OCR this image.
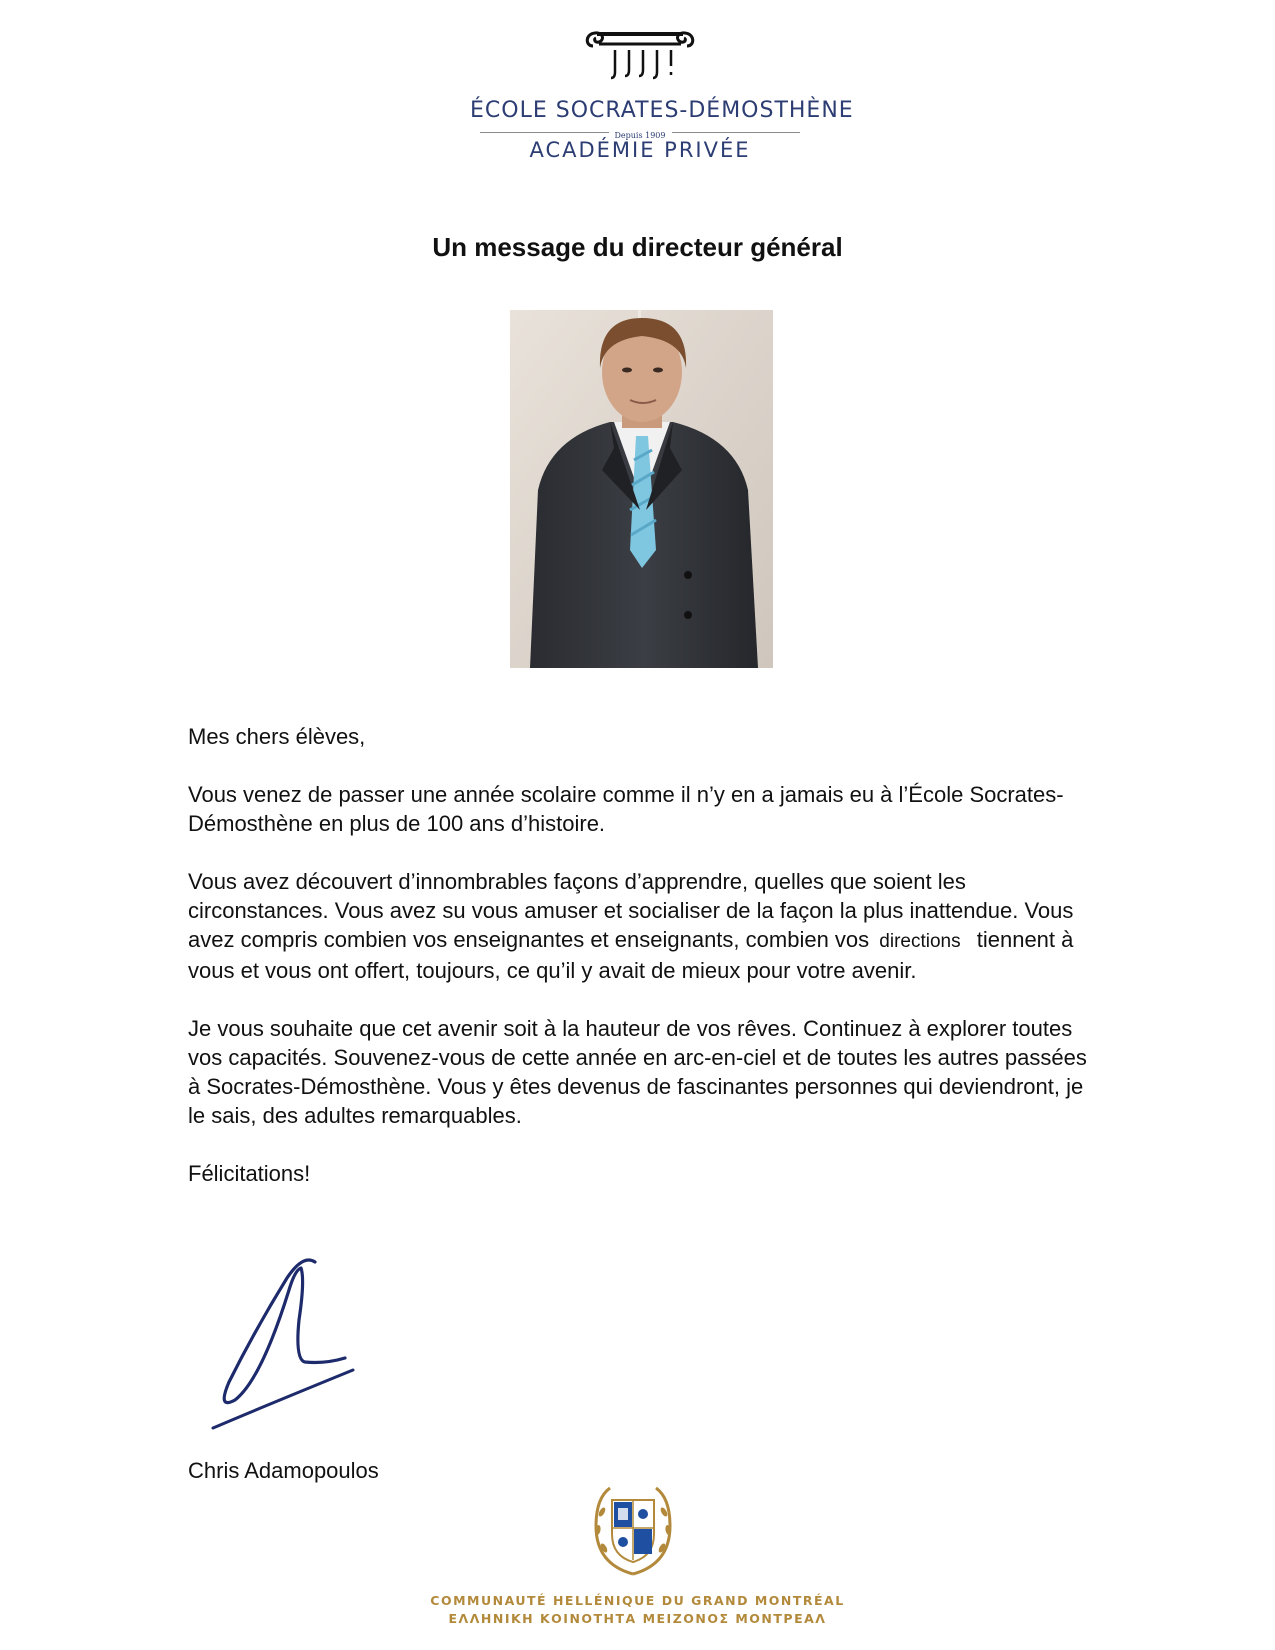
ÉCOLE SOCRATES-DÉMOSTHÈNE
Depuis 1909
ACADÉMIE PRIVÉE
Un message du directeur général

Mes chers élèves,

Vous venez de passer une année scolaire comme il n’y en a jamais eu à l’École Socrates-Démosthène en plus de 100 ans d’histoire.

Vous avez découvert d’innombrables façons d’apprendre, quelles que soient les circonstances. Vous avez su vous amuser et socialiser de la façon la plus inattendue. Vous avez compris combien vos enseignantes et enseignants, combien vos directions tiennent à vous et vous ont offert, toujours, ce qu’il y avait de mieux pour votre avenir.

Je vous souhaite que cet avenir soit à la hauteur de vos rêves. Continuez à explorer toutes vos capacités. Souvenez-vous de cette année en arc-en-ciel et de toutes les autres passées à Socrates-Démosthène. Vous y êtes devenus de fascinantes personnes qui deviendront, je le sais, des adultes remarquables.

Félicitations!

Chris Adamopoulos
COMMUNAUTÉ HELLÉNIQUE DU GRAND MONTRÉAL
ΕΛΛΗΝΙΚΗ ΚΟΙΝΟΤΗΤΑ ΜΕΙΖΟΝΟΣ ΜΟΝΤΡΕΑΛ
